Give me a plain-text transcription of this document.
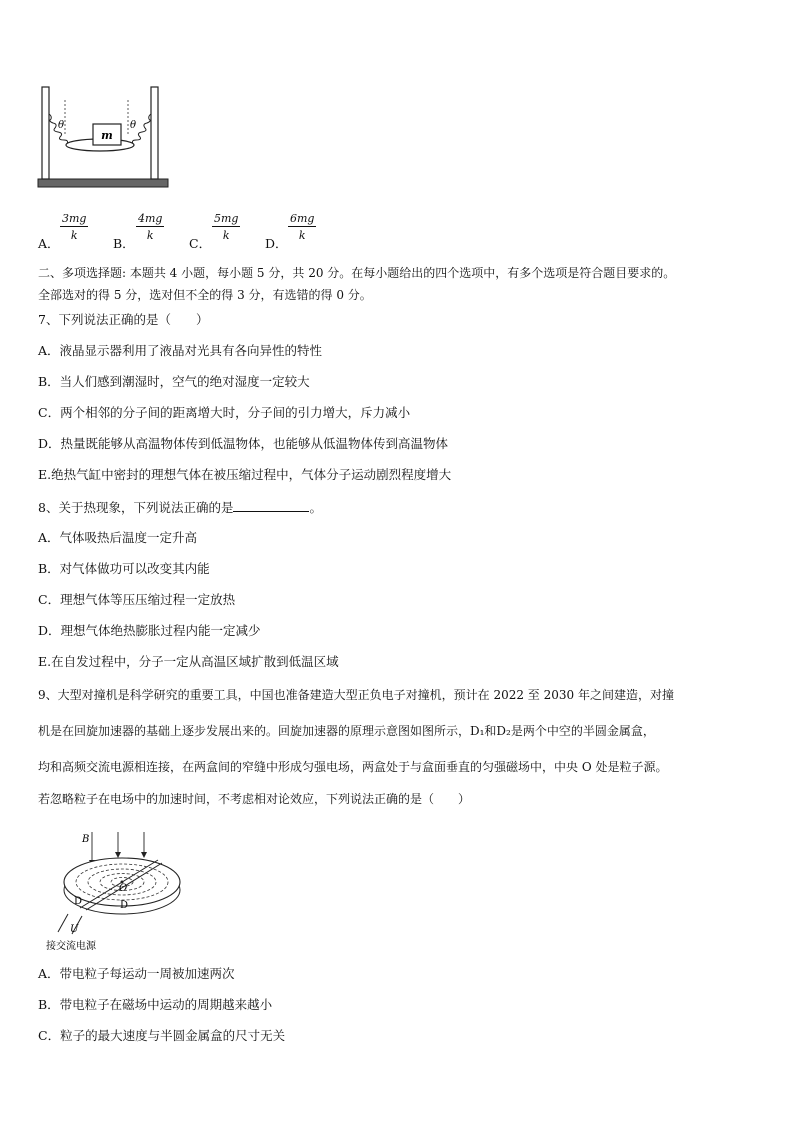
m
θ	θ
A．
$\frac{3mg}{k}$
B．
$\frac{4mg}{k}$
C．
$\frac{5mg}{k}$
D．
$\frac{6mg}{k}$
二、多项选择题: 本题共 4 小题，每小题 5 分，共 20 分。在每小题给出的四个选项中，有多个选项是符合题目要求的。
全部选对的得 5 分，选对但不全的得 3 分，有选错的得 0 分。
7、下列说法正确的是（　　）
A．液晶显示器利用了液晶对光具有各向异性的特性
B．当人们感到潮湿时，空气的绝对湿度一定较大
C．两个相邻的分子间的距离增大时，分子间的引力增大，斥力减小
D．热量既能够从高温物体传到低温物体，也能够从低温物体传到高温物体
E.绝热气缸中密封的理想气体在被压缩过程中，气体分子运动剧烈程度增大
8、关于热现象，下列说法正确的是	。
A．气体吸热后温度一定升高
B．对气体做功可以改变其内能
C．理想气体等压压缩过程一定放热
D．理想气体绝热膨胀过程内能一定减少
E.在自发过程中，分子一定从高温区域扩散到低温区域
9、大型对撞机是科学研究的重要工具，中国也准备建造大型正负电子对撞机，预计在 2022 至 2030 年之间建造，对撞
机是在回旋加速器的基础上逐步发展出来的。回旋加速器的原理示意图如图所示，D₁和D₂是两个中空的半圆金属盒，
均和高频交流电源相连接，在两盒间的窄缝中形成匀强电场，两盒处于与盒面垂直的匀强磁场中，中央 O 处是粒子源。
若忽略粒子在电场中的加速时间，不考虑相对论效应，下列说法正确的是（　　）
B
O
D	D
U
接交流电源
A．带电粒子每运动一周被加速两次
B．带电粒子在磁场中运动的周期越来越小
C．粒子的最大速度与半圆金属盒的尺寸无关
